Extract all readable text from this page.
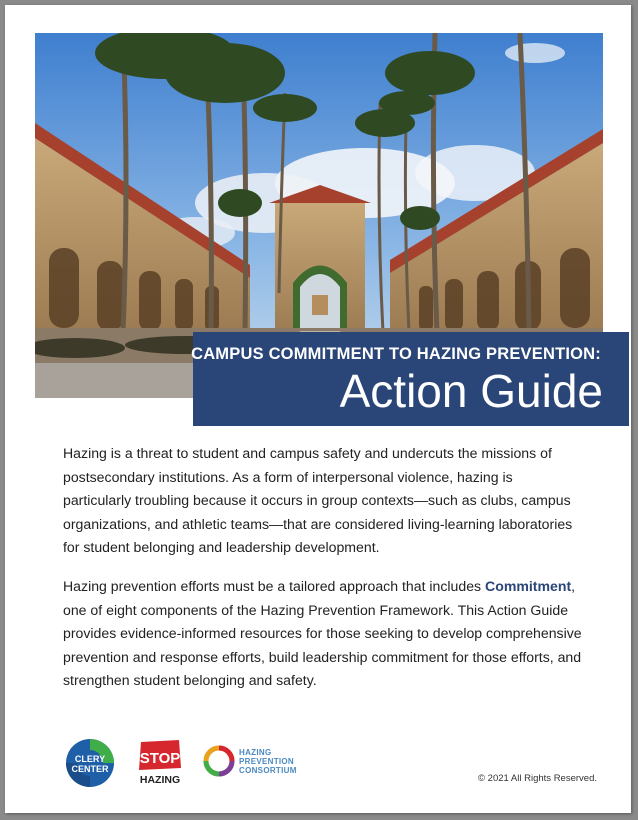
CAMPUS COMMITMENT TO HAZING PREVENTION:
Action Guide

Hazing is a threat to student and campus safety and undercuts the missions of postsecondary institutions. As a form of interpersonal violence, hazing is particularly troubling because it occurs in group contexts—such as clubs, campus organizations, and athletic teams—that are considered living-learning laboratories for student belonging and leadership development.

Hazing prevention efforts must be a tailored approach that includes Commitment, one of eight components of the Hazing Prevention Framework. This Action Guide provides evidence-informed resources for those seeking to develop comprehensive prevention and response efforts, build leadership commitment for those efforts, and strengthen student belonging and safety.

CLERY
CENTER
STOP
HAZING
HAZING
PREVENTION
CONSORTIUM
© 2021 All Rights Reserved.
